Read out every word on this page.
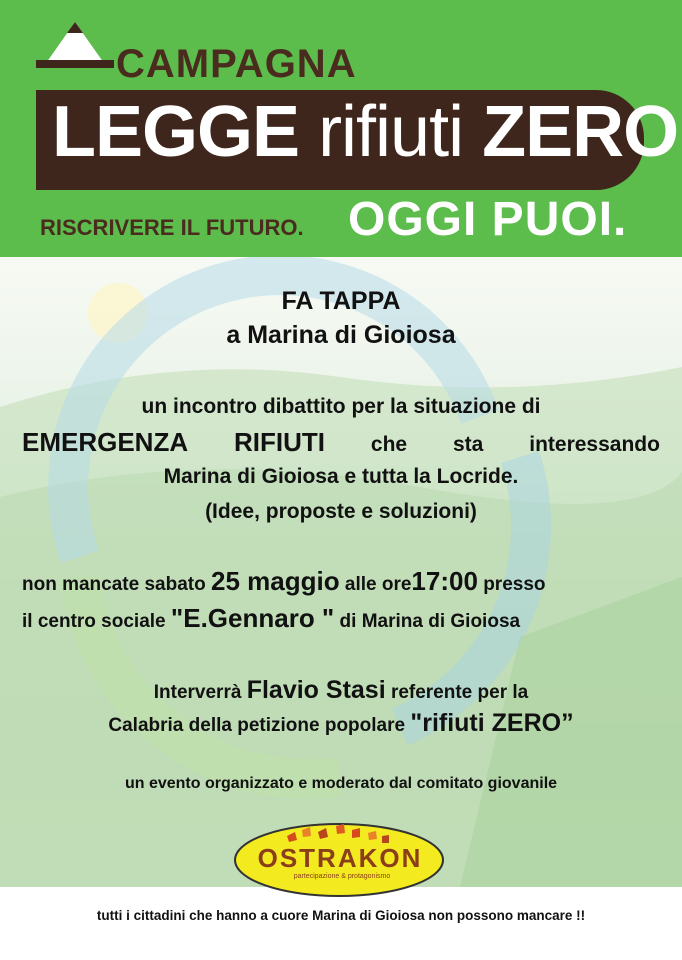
CAMPAGNA
LEGGE rifiuti ZERO
RISCRIVERE IL FUTURO. OGGI PUOI.
FA TAPPA
a Marina di Gioiosa
un incontro dibattito per la situazione di
EMERGENZA RIFIUTI che sta interessando
Marina di Gioiosa e tutta la Locride.
(Idee, proposte e soluzioni)
non mancate sabato 25 maggio alle ore17:00 presso
il centro sociale "E.Gennaro " di Marina di Gioiosa
Interverrà Flavio Stasi referente per la
Calabria della petizione popolare "rifiuti ZERO”
un evento organizzato e moderato dal comitato giovanile
OSTRAKON
partecipazione & protagonismo
tutti i cittadini che hanno a cuore Marina di Gioiosa non possono mancare !!
